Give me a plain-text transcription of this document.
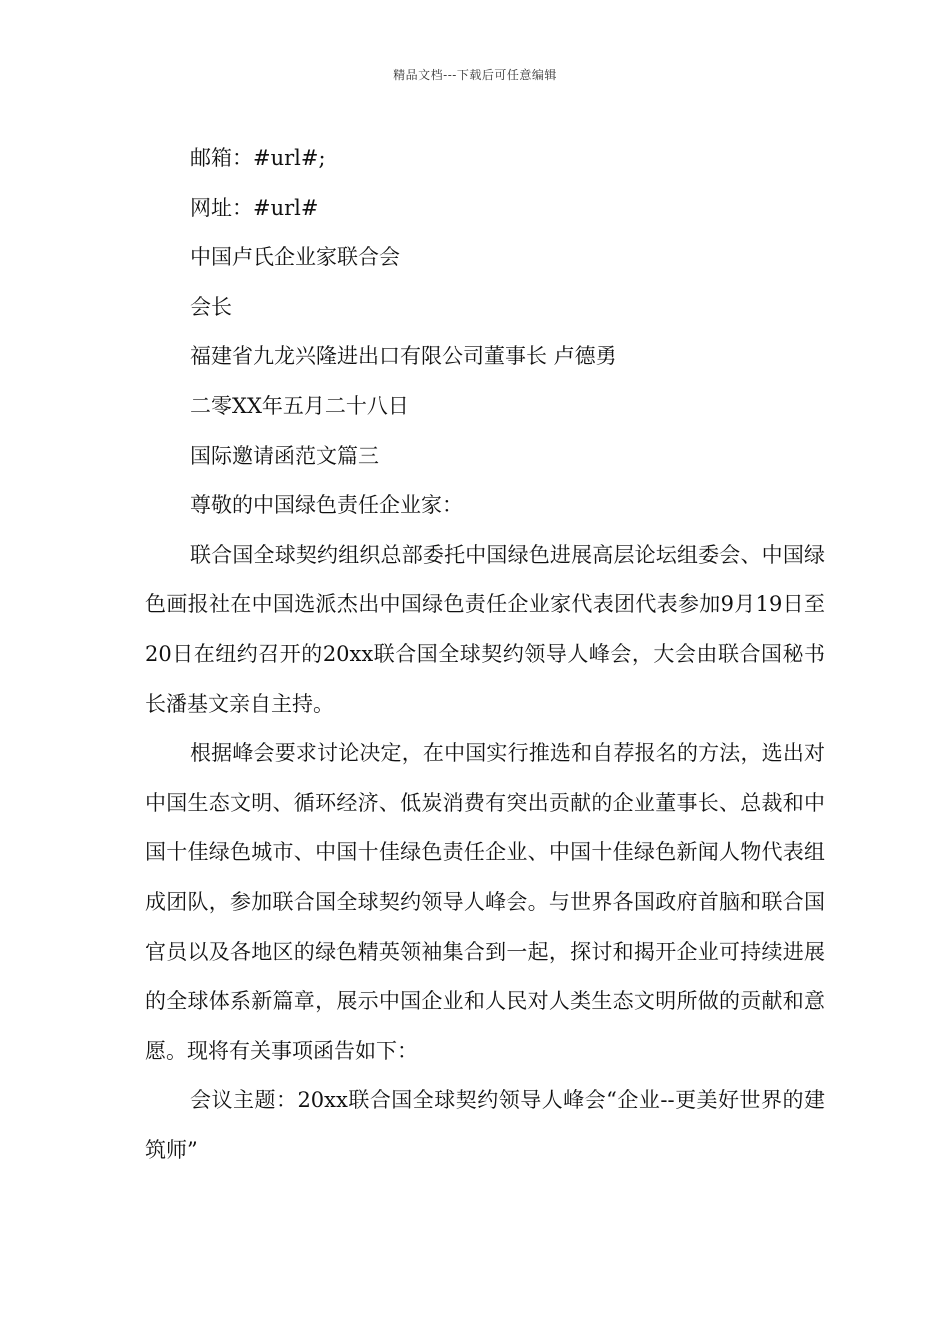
精品文档---下载后可任意编辑

邮箱：#url#;

网址：#url#

中国卢氏企业家联合会

会长

福建省九龙兴隆进出口有限公司董事长 卢德勇

二零XX年五月二十八日

国际邀请函范文篇三

尊敬的中国绿色责任企业家：

联合国全球契约组织总部委托中国绿色进展高层论坛组委会、中国绿色画报社在中国选派杰出中国绿色责任企业家代表团代表参加9月19日至20日在纽约召开的20xx联合国全球契约领导人峰会，大会由联合国秘书长潘基文亲自主持。

根据峰会要求讨论决定，在中国实行推选和自荐报名的方法，选出对中国生态文明、循环经济、低炭消费有突出贡献的企业董事长、总裁和中国十佳绿色城市、中国十佳绿色责任企业、中国十佳绿色新闻人物代表组成团队，参加联合国全球契约领导人峰会。与世界各国政府首脑和联合国官员以及各地区的绿色精英领袖集合到一起，探讨和揭开企业可持续进展的全球体系新篇章，展示中国企业和人民对人类生态文明所做的贡献和意愿。现将有关事项函告如下：

会议主题：20xx联合国全球契约领导人峰会“企业--更美好世界的建筑师”
